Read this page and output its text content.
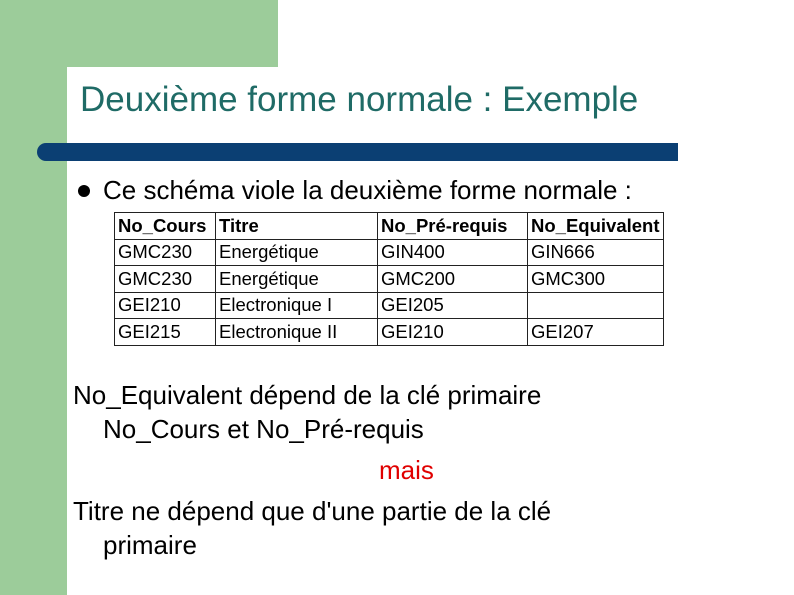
Deuxième forme normale : Exemple
Ce schéma viole la deuxième forme normale :
No_Cours	Titre	No_Pré-requis	No_Equivalent
GMC230	Energétique	GIN400	GIN666
GMC230	Energétique	GMC200	GMC300
GEI210	Electronique I	GEI205	
GEI215	Electronique II	GEI210	GEI207

No_Equivalent dépend de la clé primaire

No_Cours et No_Pré-requis

mais

Titre ne dépend que d'une partie de la clé

primaire
